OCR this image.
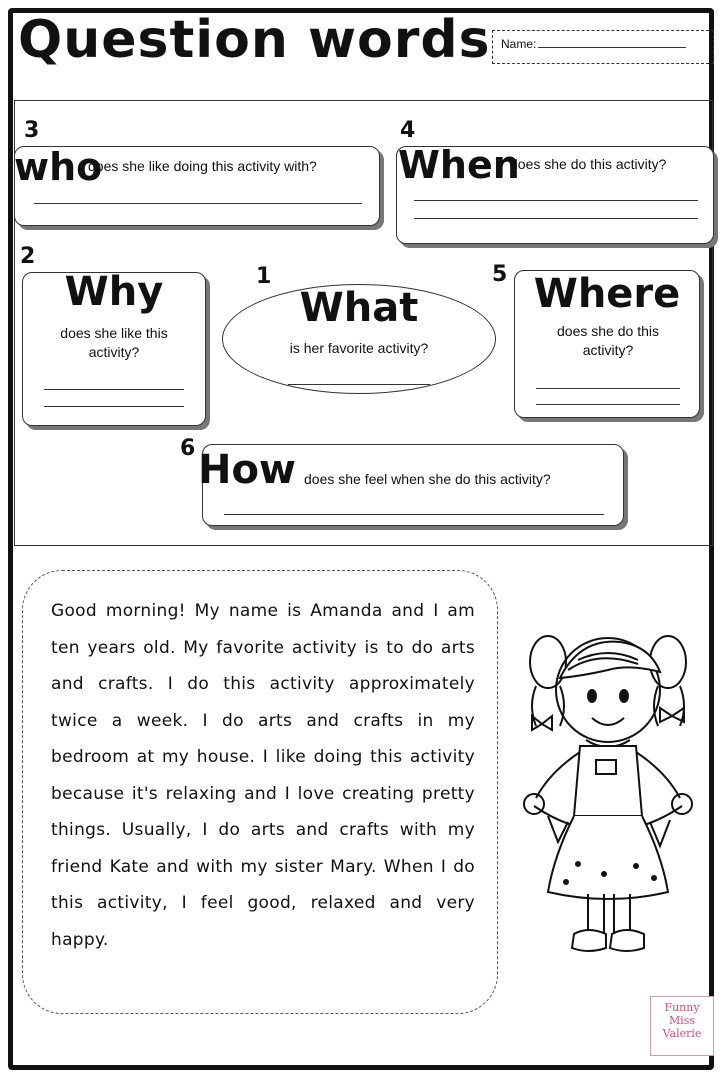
Question words Name:
3
who
does she like doing this activity with?
4
When
does she do this activity?
2
Why
does she like this activity?
1
What
is her favorite activity?
5 Where
does she do this activity?
6 How does she feel when she do this activity?
Good morning! My name is Amanda and I am ten years old. My favorite activity is to do arts and crafts. I do this activity approximately twice a week. I do arts and crafts in my bedroom at my house. I like doing this activity because it's relaxing and I love creating pretty things. Usually, I do arts and crafts with my friend Kate and with my sister Mary. When I do this activity, I feel good, relaxed and very happy.
Funny
Miss
Valerie
